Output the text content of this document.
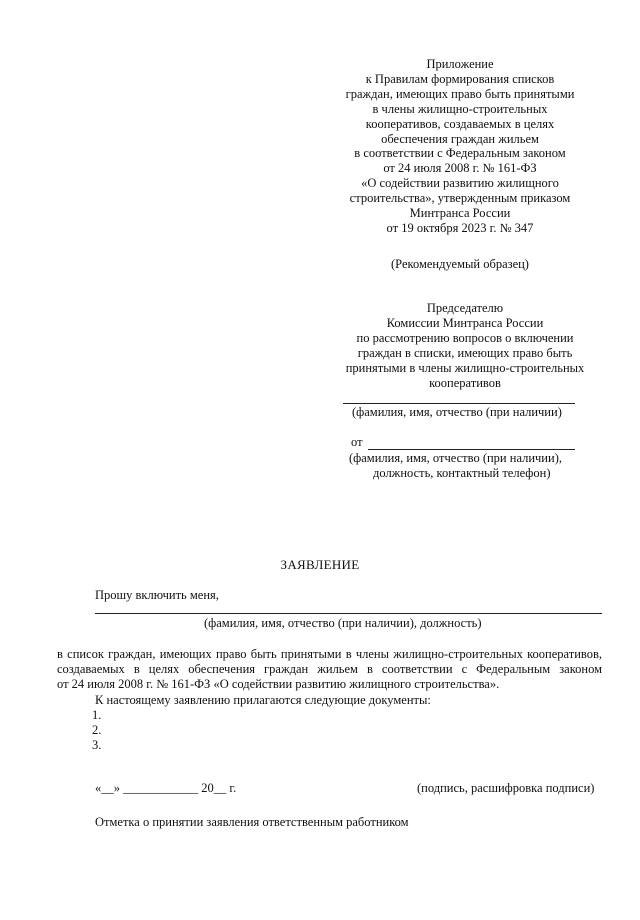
Приложение
к Правилам формирования списков
граждан, имеющих право быть принятыми
в члены жилищно-строительных
кооперативов, создаваемых в целях
обеспечения граждан жильем
в соответствии с Федеральным законом
от 24 июля 2008 г. № 161-ФЗ
«О содействии развитию жилищного
строительства», утвержденным приказом
Минтранса России
от 19 октября 2023 г. № 347
(Рекомендуемый образец)
Председателю
Комиссии Минтранса России
по рассмотрению вопросов о включении
граждан в списки, имеющих право быть
принятыми в члены жилищно-строительных
кооперативов
(фамилия, имя, отчество (при наличии)
от
(фамилия, имя, отчество (при наличии),
должность, контактный телефон)
ЗАЯВЛЕНИЕ
Прошу включить меня,
(фамилия, имя, отчество (при наличии), должность)
в список граждан, имеющих право быть принятыми в члены жилищно-строительных кооперативов,
создаваемых в целях обеспечения граждан жильем в соответствии с Федеральным законом
от 24 июля 2008 г. № 161-ФЗ «О содействии развитию жилищного строительства».
К настоящему заявлению прилагаются следующие документы:
1.
2.
3.
«__» ____________ 20__ г.	(подпись, расшифровка подписи)
Отметка о принятии заявления ответственным работником
